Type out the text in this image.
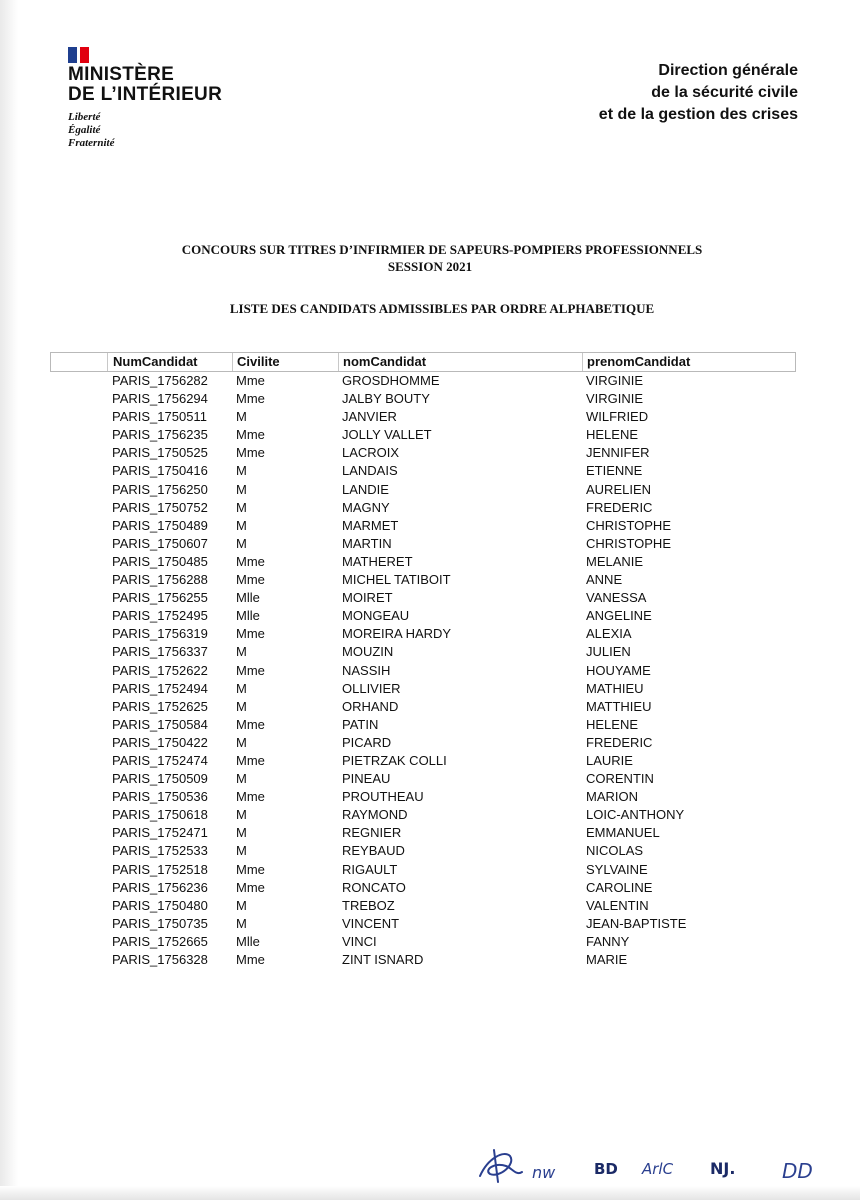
MINISTÈRE
DE L’INTÉRIEUR
Liberté
Égalité
Fraternité
Direction générale
de la sécurité civile
et de la gestion des crises
CONCOURS SUR TITRES D’INFIRMIER DE SAPEURS-POMPIERS PROFESSIONNELS
SESSION 2021
LISTE DES CANDIDATS ADMISSIBLES PAR ORDRE ALPHABETIQUE
NumCandidat	Civilite	nomCandidat	prenomCandidat
PARIS_1756282 Mme	GROSDHOMME	VIRGINIE
PARIS_1756294 Mme	JALBY BOUTY	VIRGINIE
PARIS_1750511 M	JANVIER	WILFRIED
PARIS_1756235 Mme	JOLLY VALLET	HELENE
PARIS_1750525 Mme	LACROIX	JENNIFER
PARIS_1750416 M	LANDAIS	ETIENNE
PARIS_1756250 M	LANDIE	AURELIEN
PARIS_1750752 M	MAGNY	FREDERIC
PARIS_1750489 M	MARMET	CHRISTOPHE
PARIS_1750607 M	MARTIN	CHRISTOPHE
PARIS_1750485 Mme	MATHERET	MELANIE
PARIS_1756288 Mme	MICHEL TATIBOIT	ANNE
PARIS_1756255 Mlle	MOIRET	VANESSA
PARIS_1752495 Mlle	MONGEAU	ANGELINE
PARIS_1756319 Mme	MOREIRA HARDY	ALEXIA
PARIS_1756337 M	MOUZIN	JULIEN
PARIS_1752622 Mme	NASSIH	HOUYAME
PARIS_1752494 M	OLLIVIER	MATHIEU
PARIS_1752625 M	ORHAND	MATTHIEU
PARIS_1750584 Mme	PATIN	HELENE
PARIS_1750422 M	PICARD	FREDERIC
PARIS_1752474 Mme	PIETRZAK COLLI	LAURIE
PARIS_1750509 M	PINEAU	CORENTIN
PARIS_1750536 Mme	PROUTHEAU	MARION
PARIS_1750618 M	RAYMOND	LOIC-ANTHONY
PARIS_1752471 M	REGNIER	EMMANUEL
PARIS_1752533 M	REYBAUD	NICOLAS
PARIS_1752518 Mme	RIGAULT	SYLVAINE
PARIS_1756236 Mme	RONCATO	CAROLINE
PARIS_1750480 M	TREBOZ	VALENTIN
PARIS_1750735 M	VINCENT	JEAN-BAPTISTE
PARIS_1752665 Mlle	VINCI	FANNY
PARIS_1756328 Mme	ZINT ISNARD	MARIE
nw	BD ArlC NJ. DD
